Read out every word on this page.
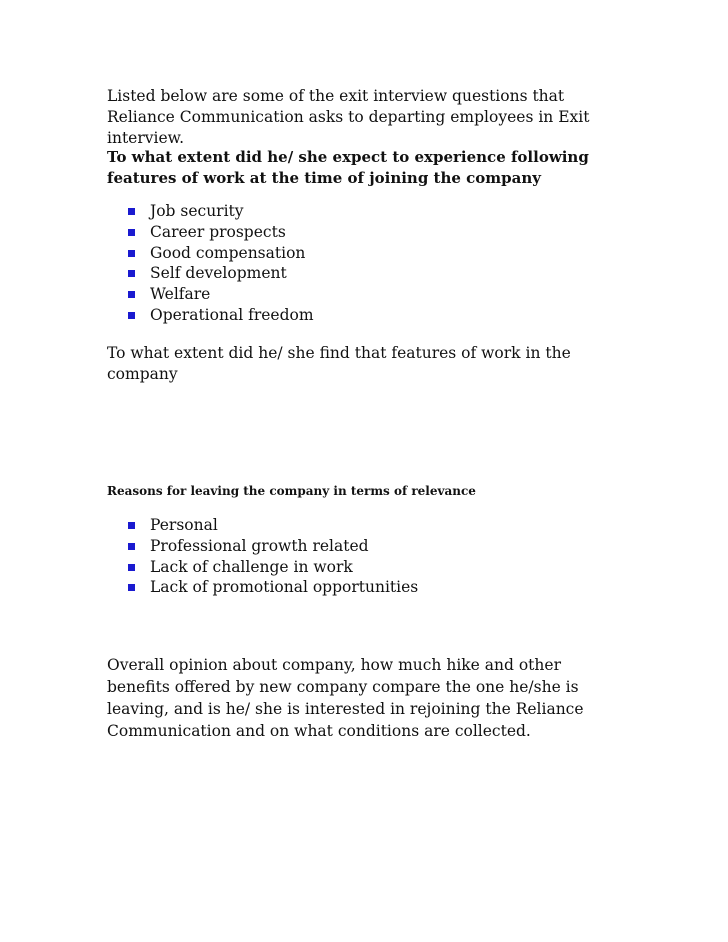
Listed below are some of the exit interview questions that Reliance Communication asks to departing employees in Exit interview.

To what extent did he/ she expect to experience following features of work at the time of joining the company

Job security
Career prospects
Good compensation
Self development
Welfare
Operational freedom

To what extent did he/ she find that features of work in the company

Reasons for leaving the company in terms of relevance

Personal
Professional growth related
Lack of challenge in work
Lack of promotional opportunities

Overall opinion about company, how much hike and other benefits offered by new company compare the one he/she is leaving, and is he/ she is interested in rejoining the Reliance Communication and on what conditions are collected.
